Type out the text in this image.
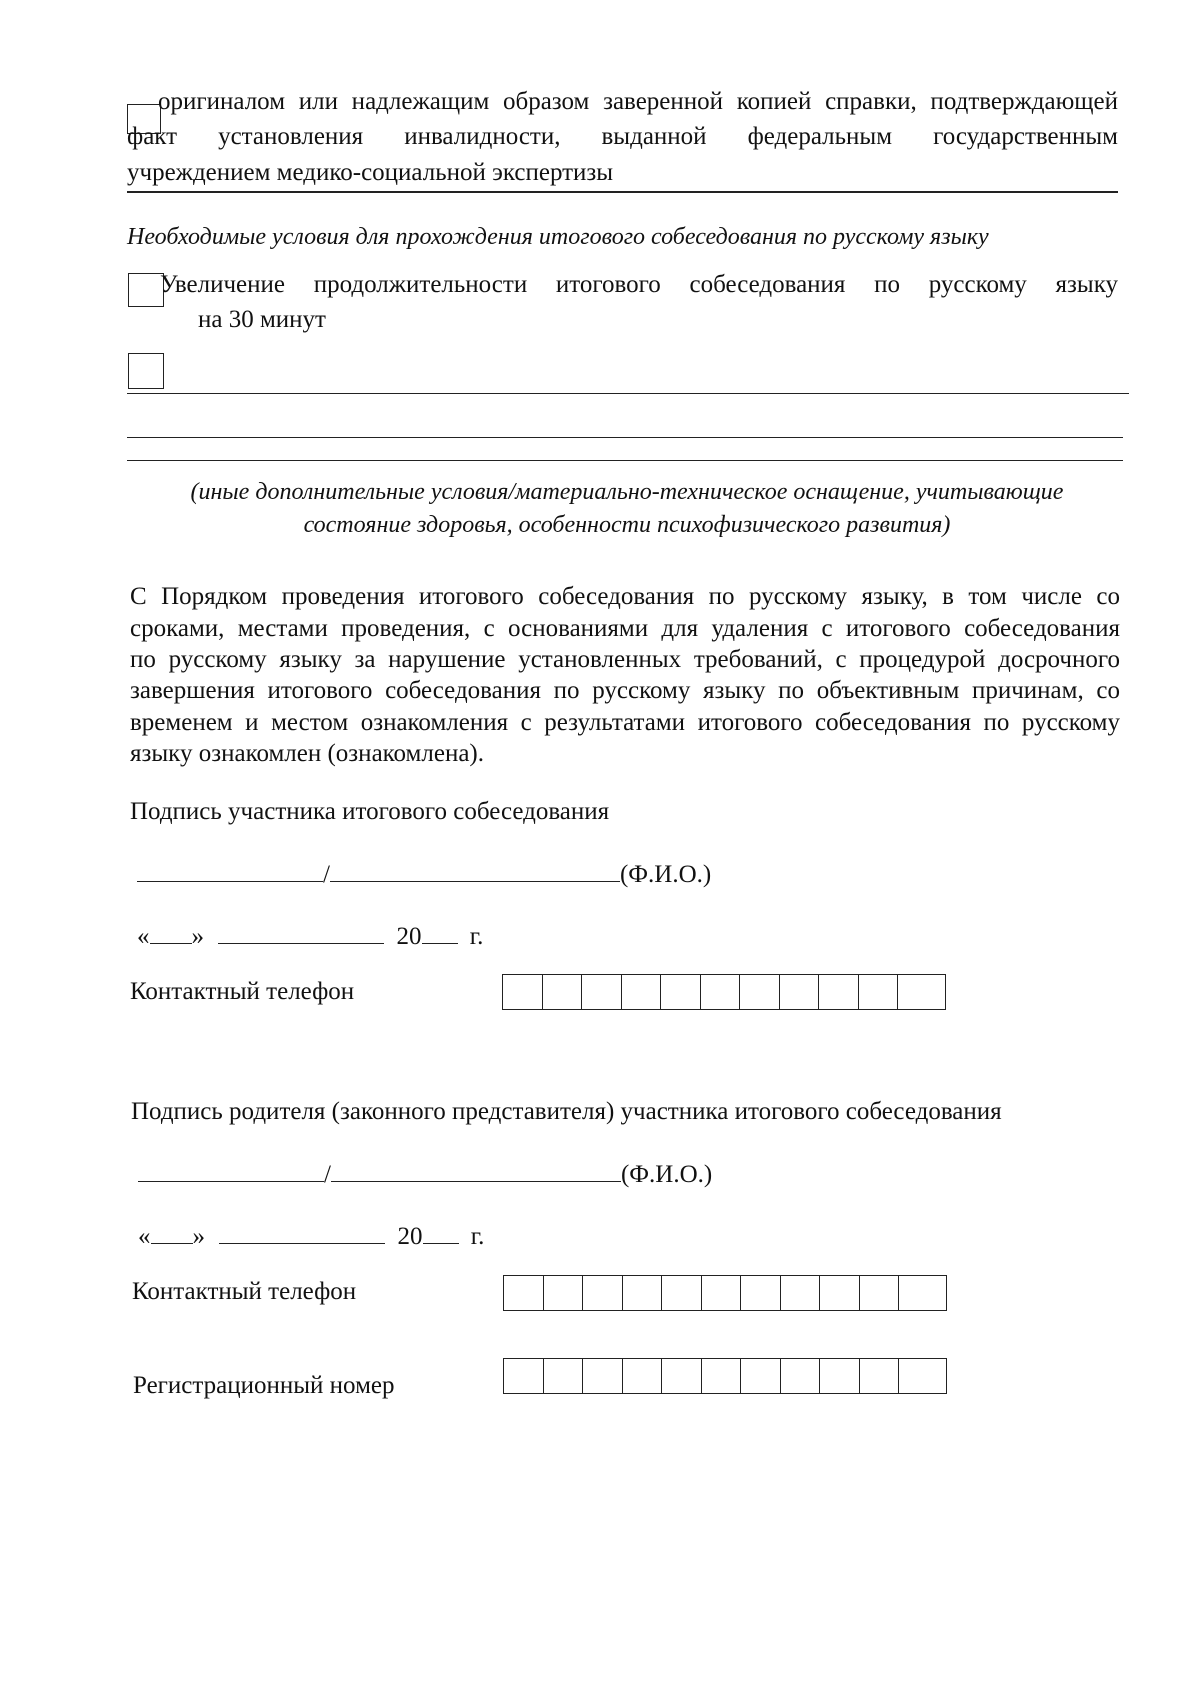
оригиналом или надлежащим образом заверенной копией справки, подтверждающей
факт установления инвалидности, выданной федеральным государственным
учреждением медико-социальной экспертизы
Необходимые условия для прохождения итогового собеседования по русскому языку
Увеличение продолжительности итогового собеседования по русскому языку
на 30 минут
(иные дополнительные условия/материально-техническое оснащение, учитывающие
состояние здоровья, особенности психофизического развития)
С Порядком проведения итогового собеседования по русскому языку, в том числе со
сроками, местами проведения, с основаниями для удаления с итогового собеседования
по русскому языку за нарушение установленных требований, с процедурой досрочного
завершения итогового собеседования по русскому языку по объективным причинам, со
временем и местом ознакомления с результатами итогового собеседования по русскому
языку ознакомлен (ознакомлена).
Подпись участника итогового собеседования
/	(Ф.И.О.)
« »	20 г.
Контактный телефон
Подпись родителя (законного представителя) участника итогового собеседования
/	(Ф.И.О.)
« »	20 г.
Контактный телефон
Регистрационный номер
